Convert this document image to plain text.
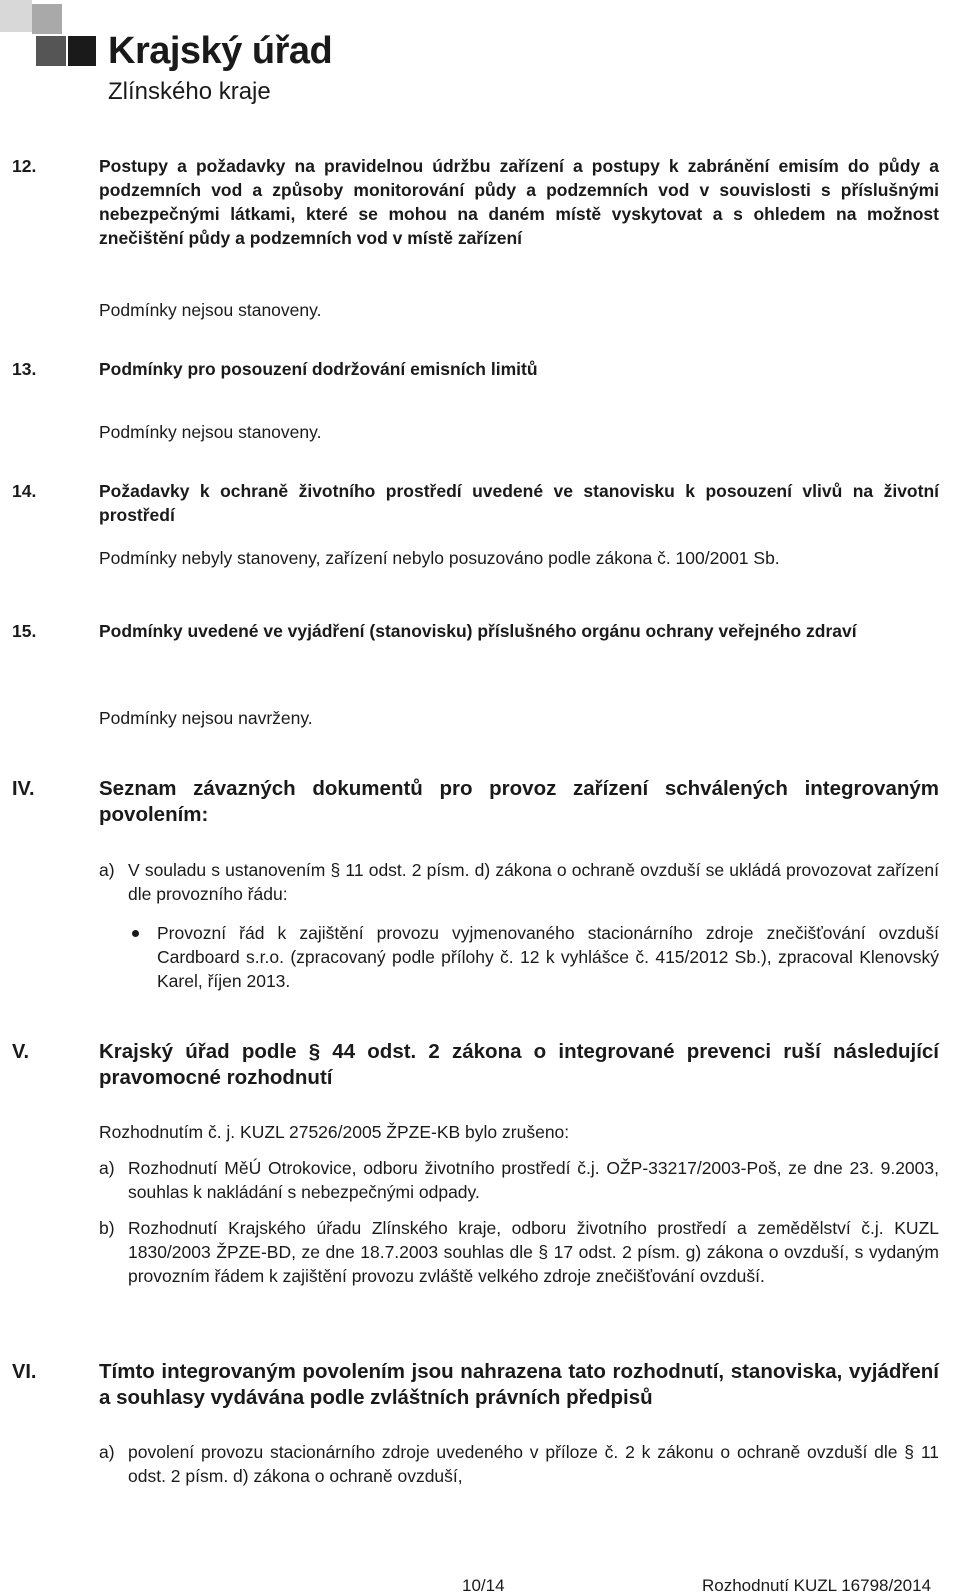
Krajský úřad
Zlínského kraje
12.	Postupy a požadavky na pravidelnou údržbu zařízení a postupy k zabránění emisím do půdy a podzemních vod a způsoby monitorování půdy a podzemních vod v souvislosti s příslušnými nebezpečnými látkami, které se mohou na daném místě vyskytovat a s ohledem na možnost znečištění půdy a podzemních vod v místě zařízení
Podmínky nejsou stanoveny.
13.	Podmínky pro posouzení dodržování emisních limitů
Podmínky nejsou stanoveny.
14.	Požadavky k ochraně životního prostředí uvedené ve stanovisku k posouzení vlivů na životní prostředí
Podmínky nebyly stanoveny, zařízení nebylo posuzováno podle zákona č. 100/2001 Sb.
15.	Podmínky uvedené ve vyjádření (stanovisku) příslušného orgánu ochrany veřejného zdraví
Podmínky nejsou navrženy.
IV.	Seznam závazných dokumentů pro provoz zařízení schválených integrovaným povolením:
a) V souladu s ustanovením § 11 odst. 2 písm. d) zákona o ochraně ovzduší se ukládá provozovat zařízení dle provozního řádu:
Provozní řád k zajištění provozu vyjmenovaného stacionárního zdroje znečišťování ovzduší Cardboard s.r.o. (zpracovaný podle přílohy č. 12 k vyhlášce č. 415/2012 Sb.), zpracoval Klenovský Karel, říjen 2013.
V.	Krajský úřad podle § 44 odst. 2 zákona o integrované prevenci ruší následující pravomocné rozhodnutí
Rozhodnutím č. j. KUZL 27526/2005 ŽPZE-KB bylo zrušeno:
a) Rozhodnutí MěÚ Otrokovice, odboru životního prostředí č.j. OŽP-33217/2003-Poš, ze dne 23. 9.2003, souhlas k nakládání s nebezpečnými odpady.
b) Rozhodnutí Krajského úřadu Zlínského kraje, odboru životního prostředí a zemědělství č.j. KUZL 1830/2003 ŽPZE-BD, ze dne 18.7.2003 souhlas dle § 17 odst. 2 písm. g) zákona o ovzduší, s vydaným provozním řádem k zajištění provozu zvláště velkého zdroje znečišťování ovzduší.
VI.	Tímto integrovaným povolením jsou nahrazena tato rozhodnutí, stanoviska, vyjádření a souhlasy vydávána podle zvláštních právních předpisů
a) povolení provozu stacionárního zdroje uvedeného v příloze č. 2 k zákonu o ochraně ovzduší dle § 11 odst. 2 písm. d) zákona o ochraně ovzduší,
10/14	Rozhodnutí KUZL 16798/2014
